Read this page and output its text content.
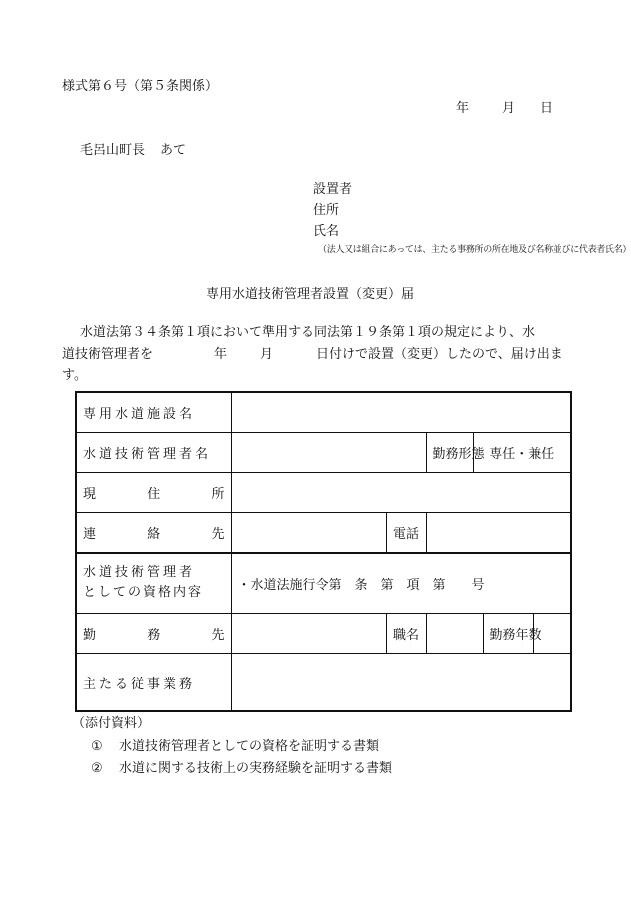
様式第６号（第５条関係）
年	月 日
毛呂山町長 あて
設置者
住所
氏名
（法人又は組合にあっては、主たる事務所の所在地及び名称並びに代表者氏名）
専用水道技術管理者設置（変更）届
水道法第３４条第１項において準用する同法第１９条第１項の規定により、水
道技術管理者を	年	月	日付けで設置（変更）したので、届け出ま
す。
専用水道施設名						
水道技術管理者名			勤務形態	専任・兼任		

現 住 所						

連 絡 先		電話				

水道技術管理者
としての資格内容	・水道法施行令第　条　第　項　第　　号					

勤 務 先		職名			勤務年数	
主たる従事業務						
（添付資料）
① 水道技術管理者としての資格を証明する書類
② 水道に関する技術上の実務経験を証明する書類
